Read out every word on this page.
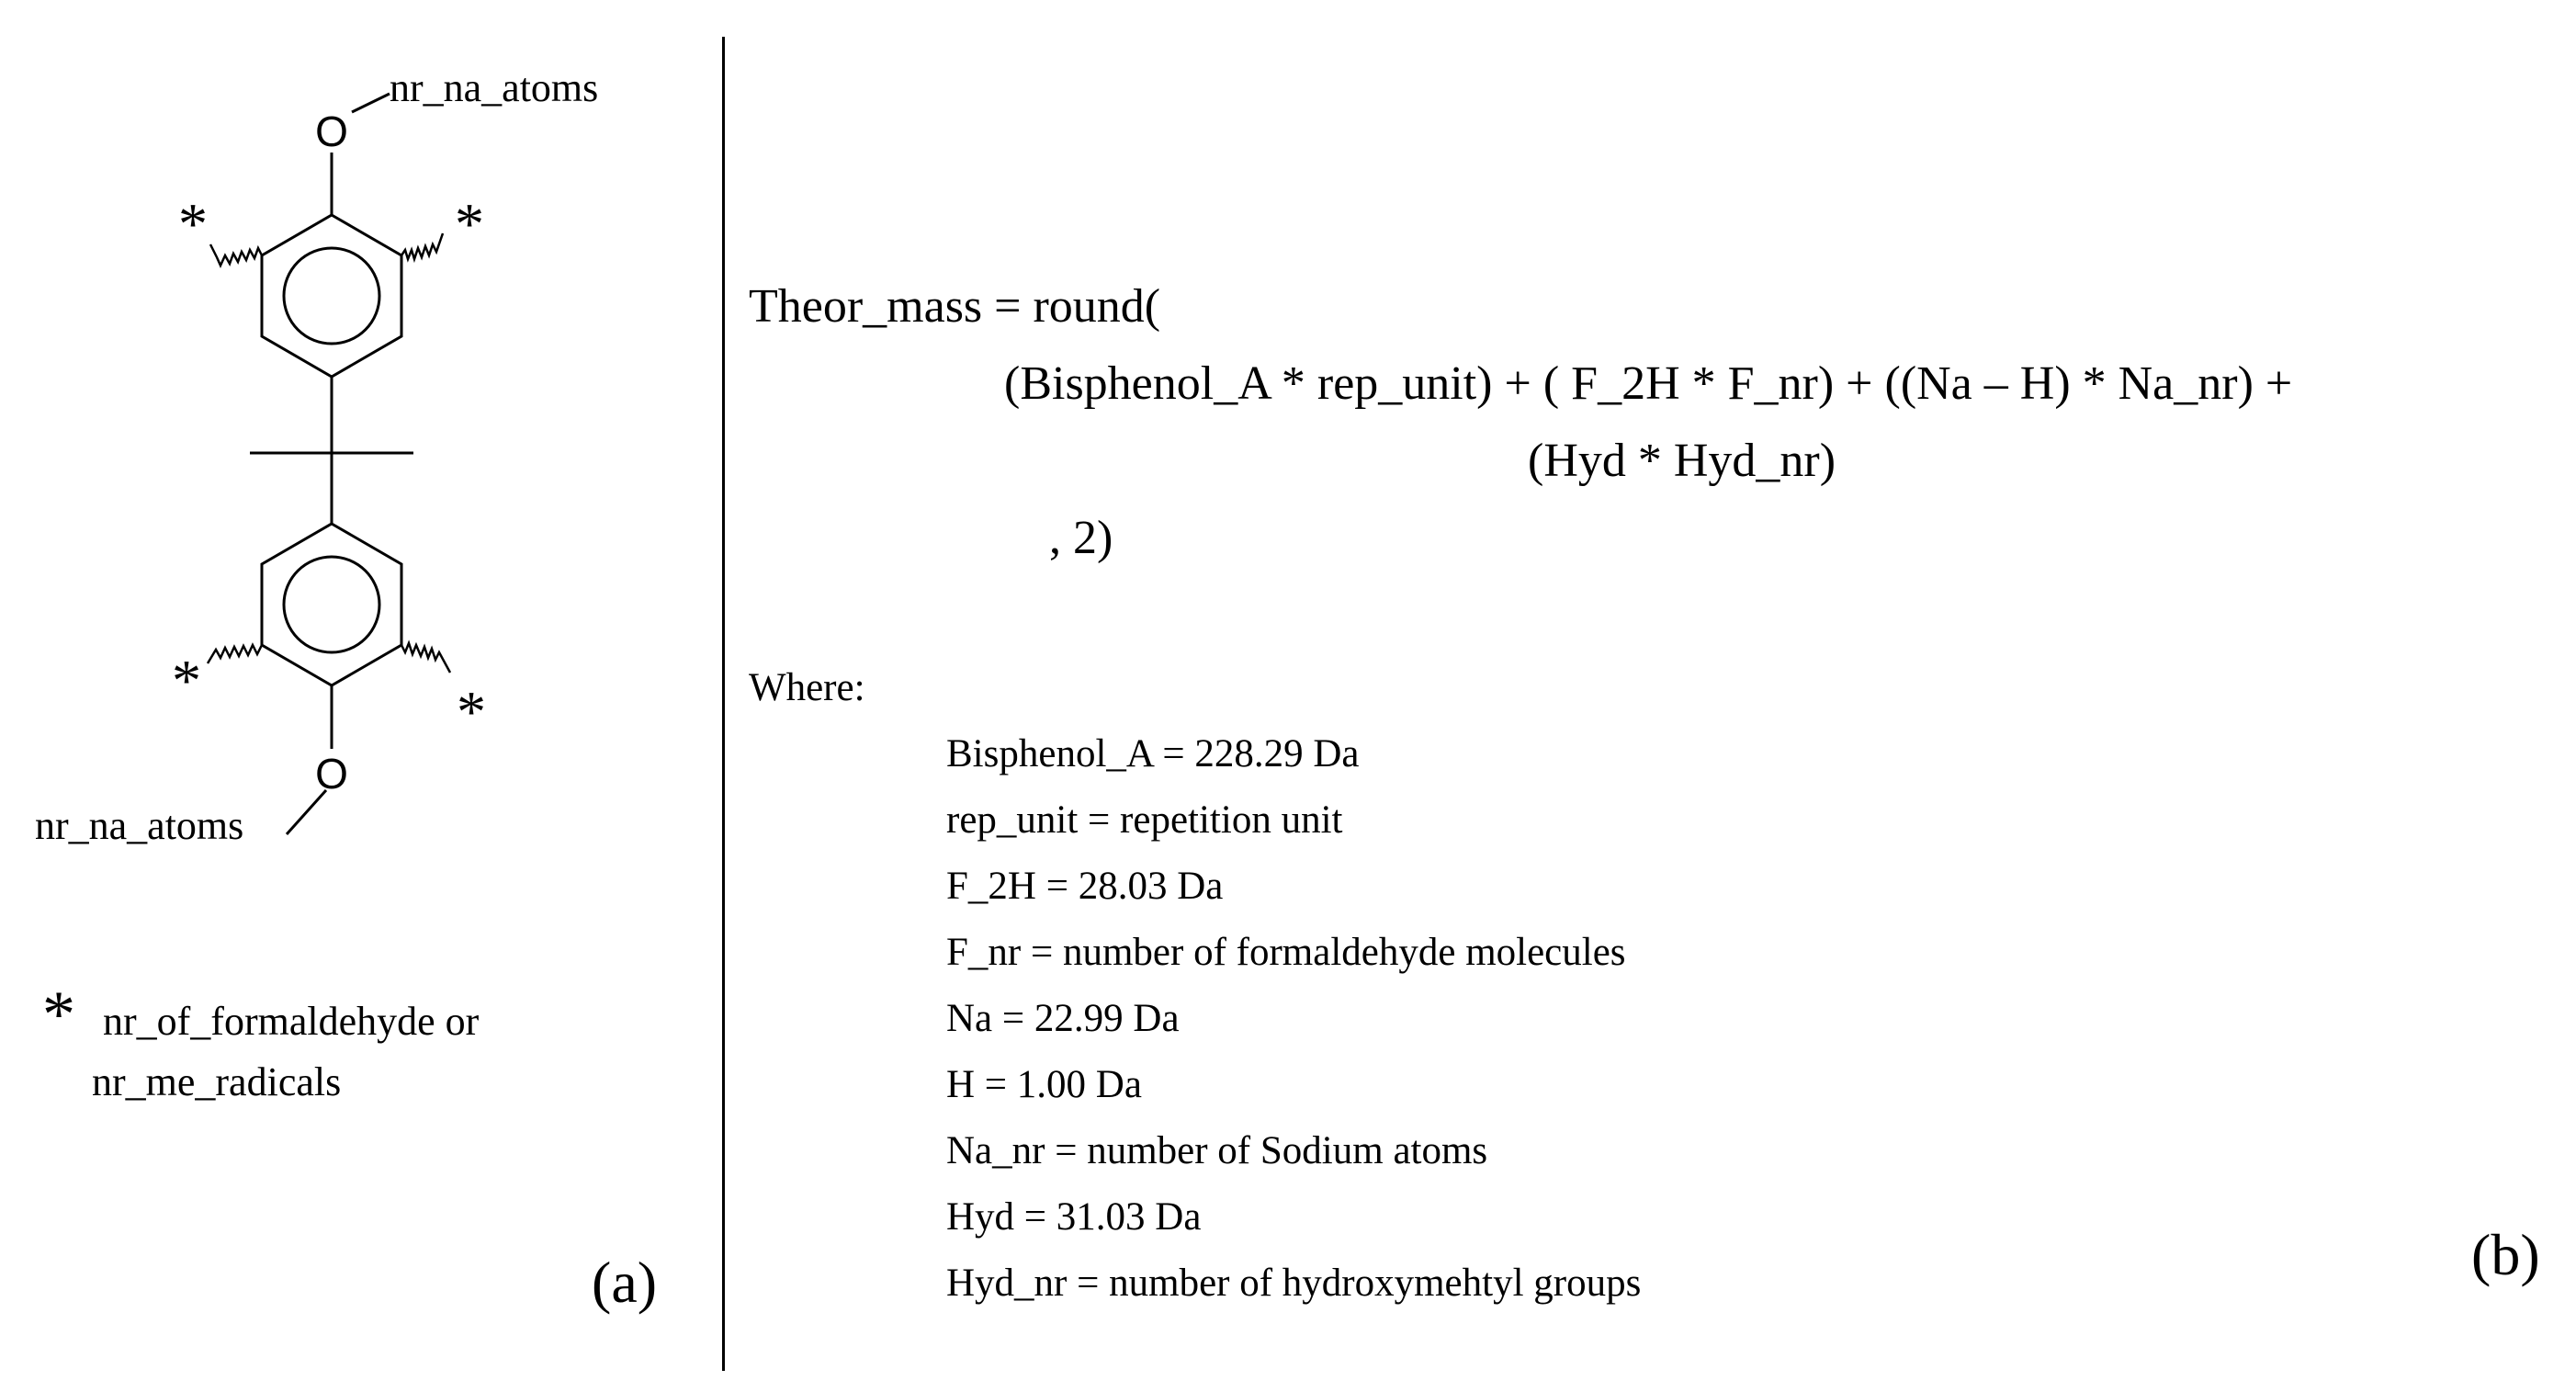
O
O
*	*
*	*
*
nr_na_atoms
nr_na_atoms
nr_of_formaldehyde or
nr_me_radicals
(a)
Theor_mass = round(
(Bisphenol_A * rep_unit) + ( F_2H * F_nr) + ((Na – H) * Na_nr) +
(Hyd * Hyd_nr)
, 2)
Where:
Bisphenol_A = 228.29 Da
rep_unit = repetition unit
F_2H = 28.03 Da
F_nr = number of formaldehyde molecules
Na = 22.99 Da
H = 1.00 Da
Na_nr = number of Sodium atoms
Hyd = 31.03 Da
Hyd_nr = number of hydroxymehtyl groups	(b)
